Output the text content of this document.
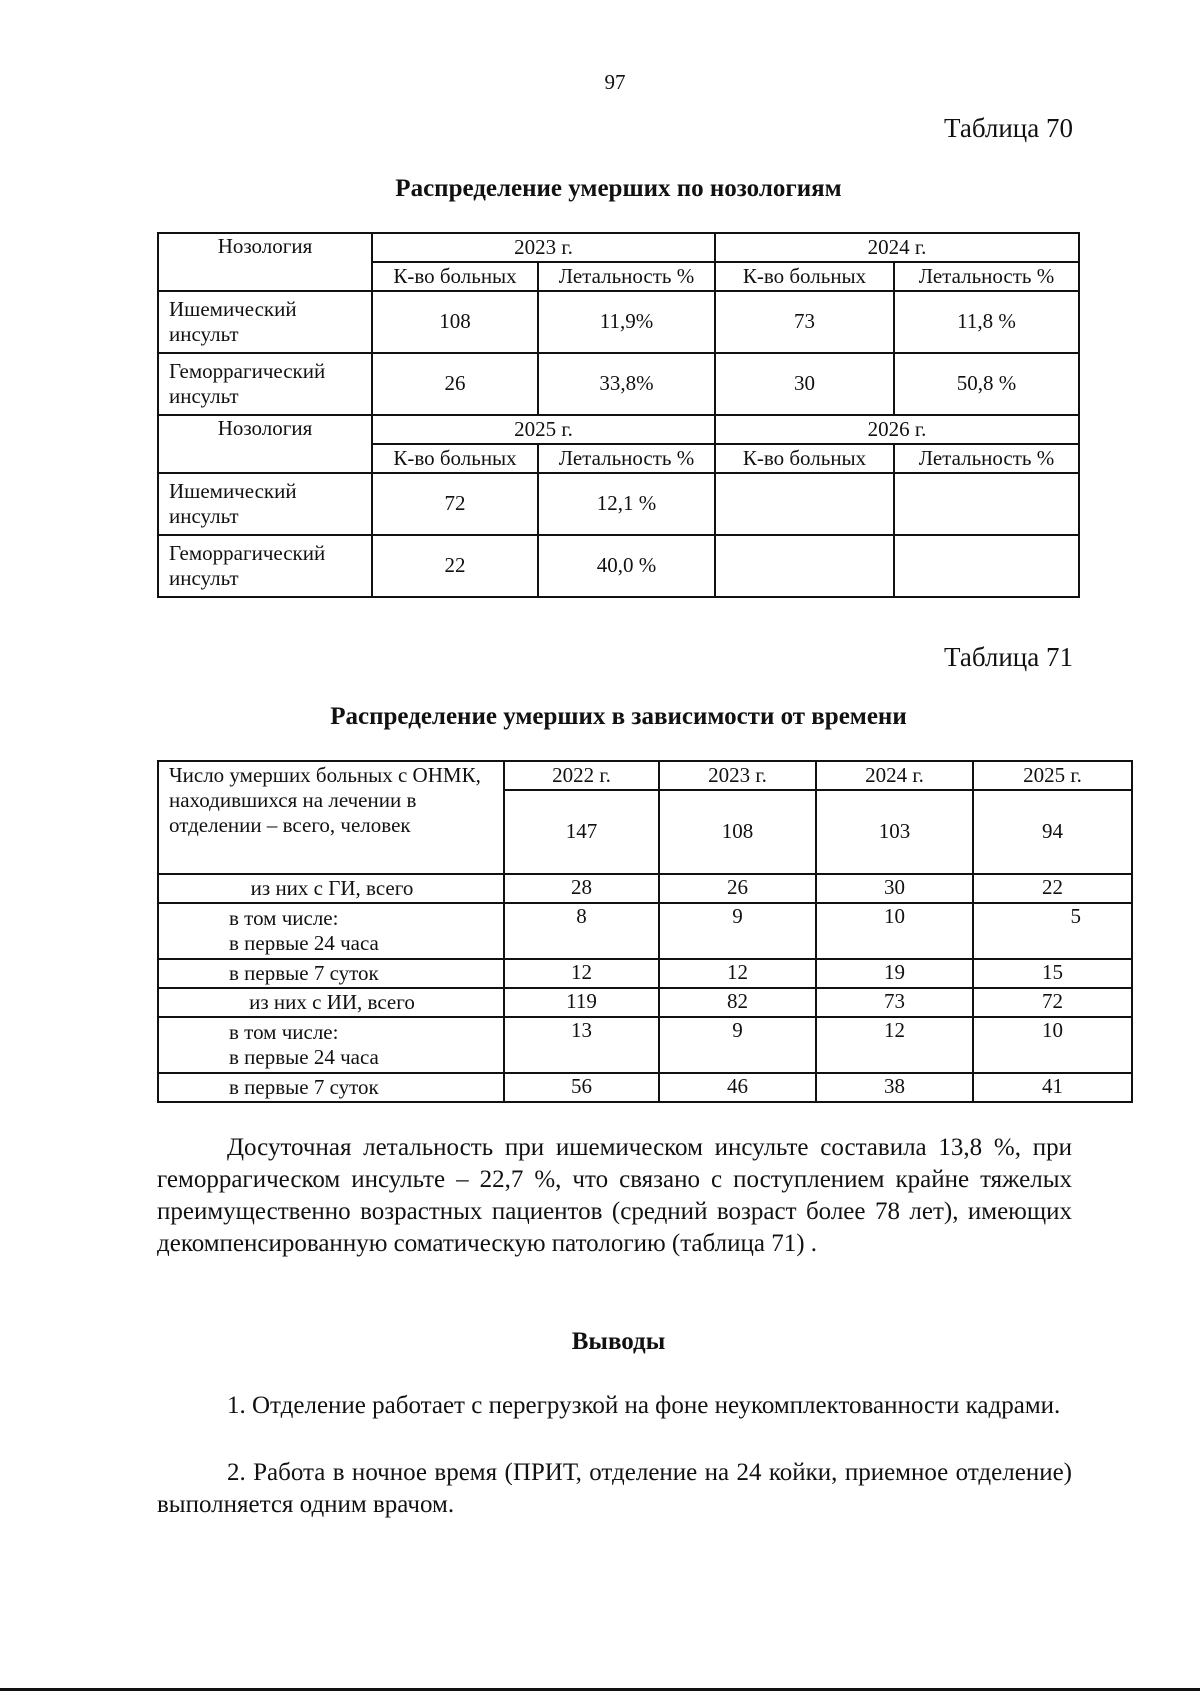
97
Таблица 70
Распределение умерших по нозологиям
Нозология	2023 г.		2024 г.	
	К-во больных	Летальность %	К-во больных	Летальность %
Ишемический инсульт	108	11,9%	73	11,8 %
Геморрагический инсульт	26	33,8%	30	50,8 %
Нозология	2025 г.		2026 г.	
	К-во больных	Летальность %	К-во больных	Летальность %
Ишемический инсульт	72	12,1 %		
Геморрагический инсульт	22	40,0 %		
Таблица 71
Распределение умерших в зависимости от времени
Число умерших больных с ОНМК, находившихся на лечении в отделении – всего, человек	2022 г.	2023 г.	2024 г.	2025 г.
	147	108	103	94
из них с ГИ, всего	28	26	30	22

в том числе:
в первые 24 часа	8	9	10	5
в первые 7 суток	12	12	19	15
из них с ИИ, всего	119	82	73	72

в том числе:
в первые 24 часа	13	9	12	10
в первые 7 суток	56	46	38	41

Досуточная летальность при ишемическом инсульте составила 13,8 %, при геморрагическом инсульте – 22,7 %, что связано с поступлением крайне тяжелых преимущественно возрастных пациентов (средний возраст более 78 лет), имеющих декомпенсированную соматическую патологию (таблица 71) .

Выводы

1. Отделение работает с перегрузкой на фоне неукомплектованности кадрами.

2. Работа в ночное время (ПРИТ, отделение на 24 койки, приемное отделение) выполняется одним врачом.
